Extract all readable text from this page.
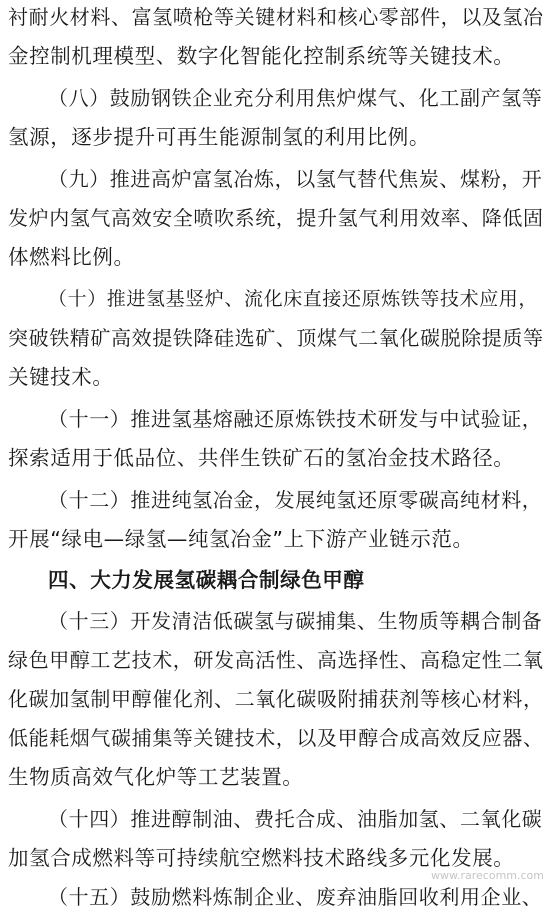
衬耐火材料、富氢喷枪等关键材料和核心零部件，以及氢冶
金控制机理模型、数字化智能化控制系统等关键技术。
（八）鼓励钢铁企业充分利用焦炉煤气、化工副产氢等
氢源，逐步提升可再生能源制氢的利用比例。
（九）推进高炉富氢冶炼，以氢气替代焦炭、煤粉，开
发炉内氢气高效安全喷吹系统，提升氢气利用效率、降低固
体燃料比例。
（十）推进氢基竖炉、流化床直接还原炼铁等技术应用，
突破铁精矿高效提铁降硅选矿、顶煤气二氧化碳脱除提质等
关键技术。
（十一）推进氢基熔融还原炼铁技术研发与中试验证，
探索适用于低品位、共伴生铁矿石的氢冶金技术路径。
（十二）推进纯氢冶金，发展纯氢还原零碳高纯材料，
开展“绿电—绿氢—纯氢冶金”上下游产业链示范。
四、大力发展氢碳耦合制绿色甲醇
（十三）开发清洁低碳氢与碳捕集、生物质等耦合制备
绿色甲醇工艺技术，研发高活性、高选择性、高稳定性二氧
化碳加氢制甲醇催化剂、二氧化碳吸附捕获剂等核心材料，
低能耗烟气碳捕集等关键技术，以及甲醇合成高效反应器、
生物质高效气化炉等工艺装置。
（十四）推进醇制油、费托合成、油脂加氢、二氧化碳
加氢合成燃料等可持续航空燃料技术路线多元化发展。
（十五）鼓励燃料炼制企业、废弃油脂回收利用企业、
www.rarecomm.com
